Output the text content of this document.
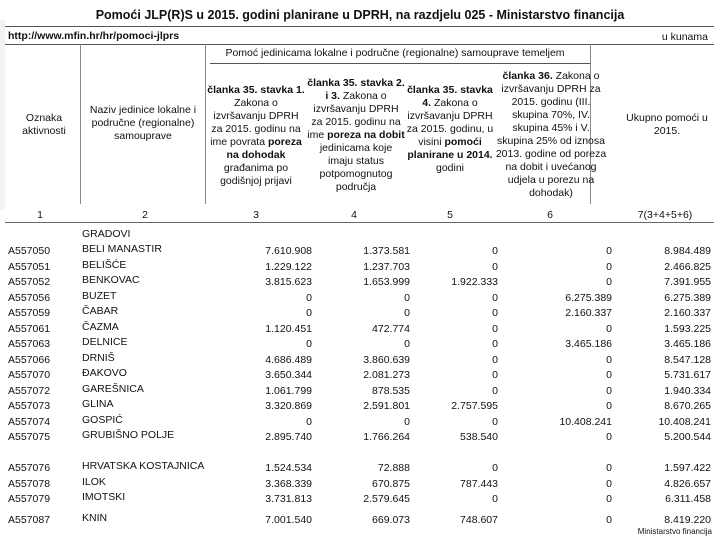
Pomoći JLP(R)S u 2015. godini planirane u DPRH, na razdjelu 025 - Ministarstvo financija
http://www.mfin.hr/hr/pomoci-jlprs	u kunama
Pomoć jedinicama lokalne i područne (regionalne) samouprave temeljem
Oznaka aktivnosti
Naziv jedinice lokalne i područne (regionalne) samouprave
članka 35. stavka 1. Zakona o izvršavanju DPRH za 2015. godinu na ime povrata poreza na dohodak građanima po godišnjoj prijavi
članka 35. stavka 2. i 3. Zakona o izvršavanju DPRH za 2015. godinu na ime poreza na dobit jedinicama koje imaju status potpomognutog područja
članka 35. stavka 4. Zakona o izvršavanju DPRH za 2015. godinu, u visini pomoći planirane u 2014. godini
članka 36. Zakona o izvršavanju DPRH za 2015. godinu (III. skupina 70%, IV. skupina 45% i V. skupina 25% od iznosa 2013. godine od poreza na dobit i uvećanog udjela u porezu na dohodak)
Ukupno pomoći u 2015.
1	2	3	4	5	6	7(3+4+5+6)
	GRADOVI					
A557050	BELI MANASTIR	7.610.908	1.373.581	0	0	8.984.489
A557051	BELIŠĆE	1.229.122	1.237.703	0	0	2.466.825
A557052	BENKOVAC	3.815.623	1.653.999	1.922.333	0	7.391.955
A557056	BUZET	0	0	0	6.275.389	6.275.389
A557059	ČABAR	0	0	0	2.160.337	2.160.337
A557061	ČAZMA	1.120.451	472.774	0	0	1.593.225
A557063	DELNICE	0	0	0	3.465.186	3.465.186
A557066	DRNIŠ	4.686.489	3.860.639	0	0	8.547.128
A557070	ĐAKOVO	3.650.344	2.081.273	0	0	5.731.617
A557072	GAREŠNICA	1.061.799	878.535	0	0	1.940.334
A557073	GLINA	3.320.869	2.591.801	2.757.595	0	8.670.265
A557074	GOSPIĆ	0	0	0	10.408.241	10.408.241
A557075	GRUBIŠNO POLJE	2.895.740	1.766.264	538.540	0	5.200.544
A557076	HRVATSKA KOSTAJNICA	1.524.534	72.888	0	0	1.597.422
A557078	ILOK	3.368.339	670.875	787.443	0	4.826.657
A557079	IMOTSKI	3.731.813	2.579.645	0	0	6.311.458
A557087	KNIN	7.001.540	669.073	748.607	0	8.419.220
Ministarstvo financija
